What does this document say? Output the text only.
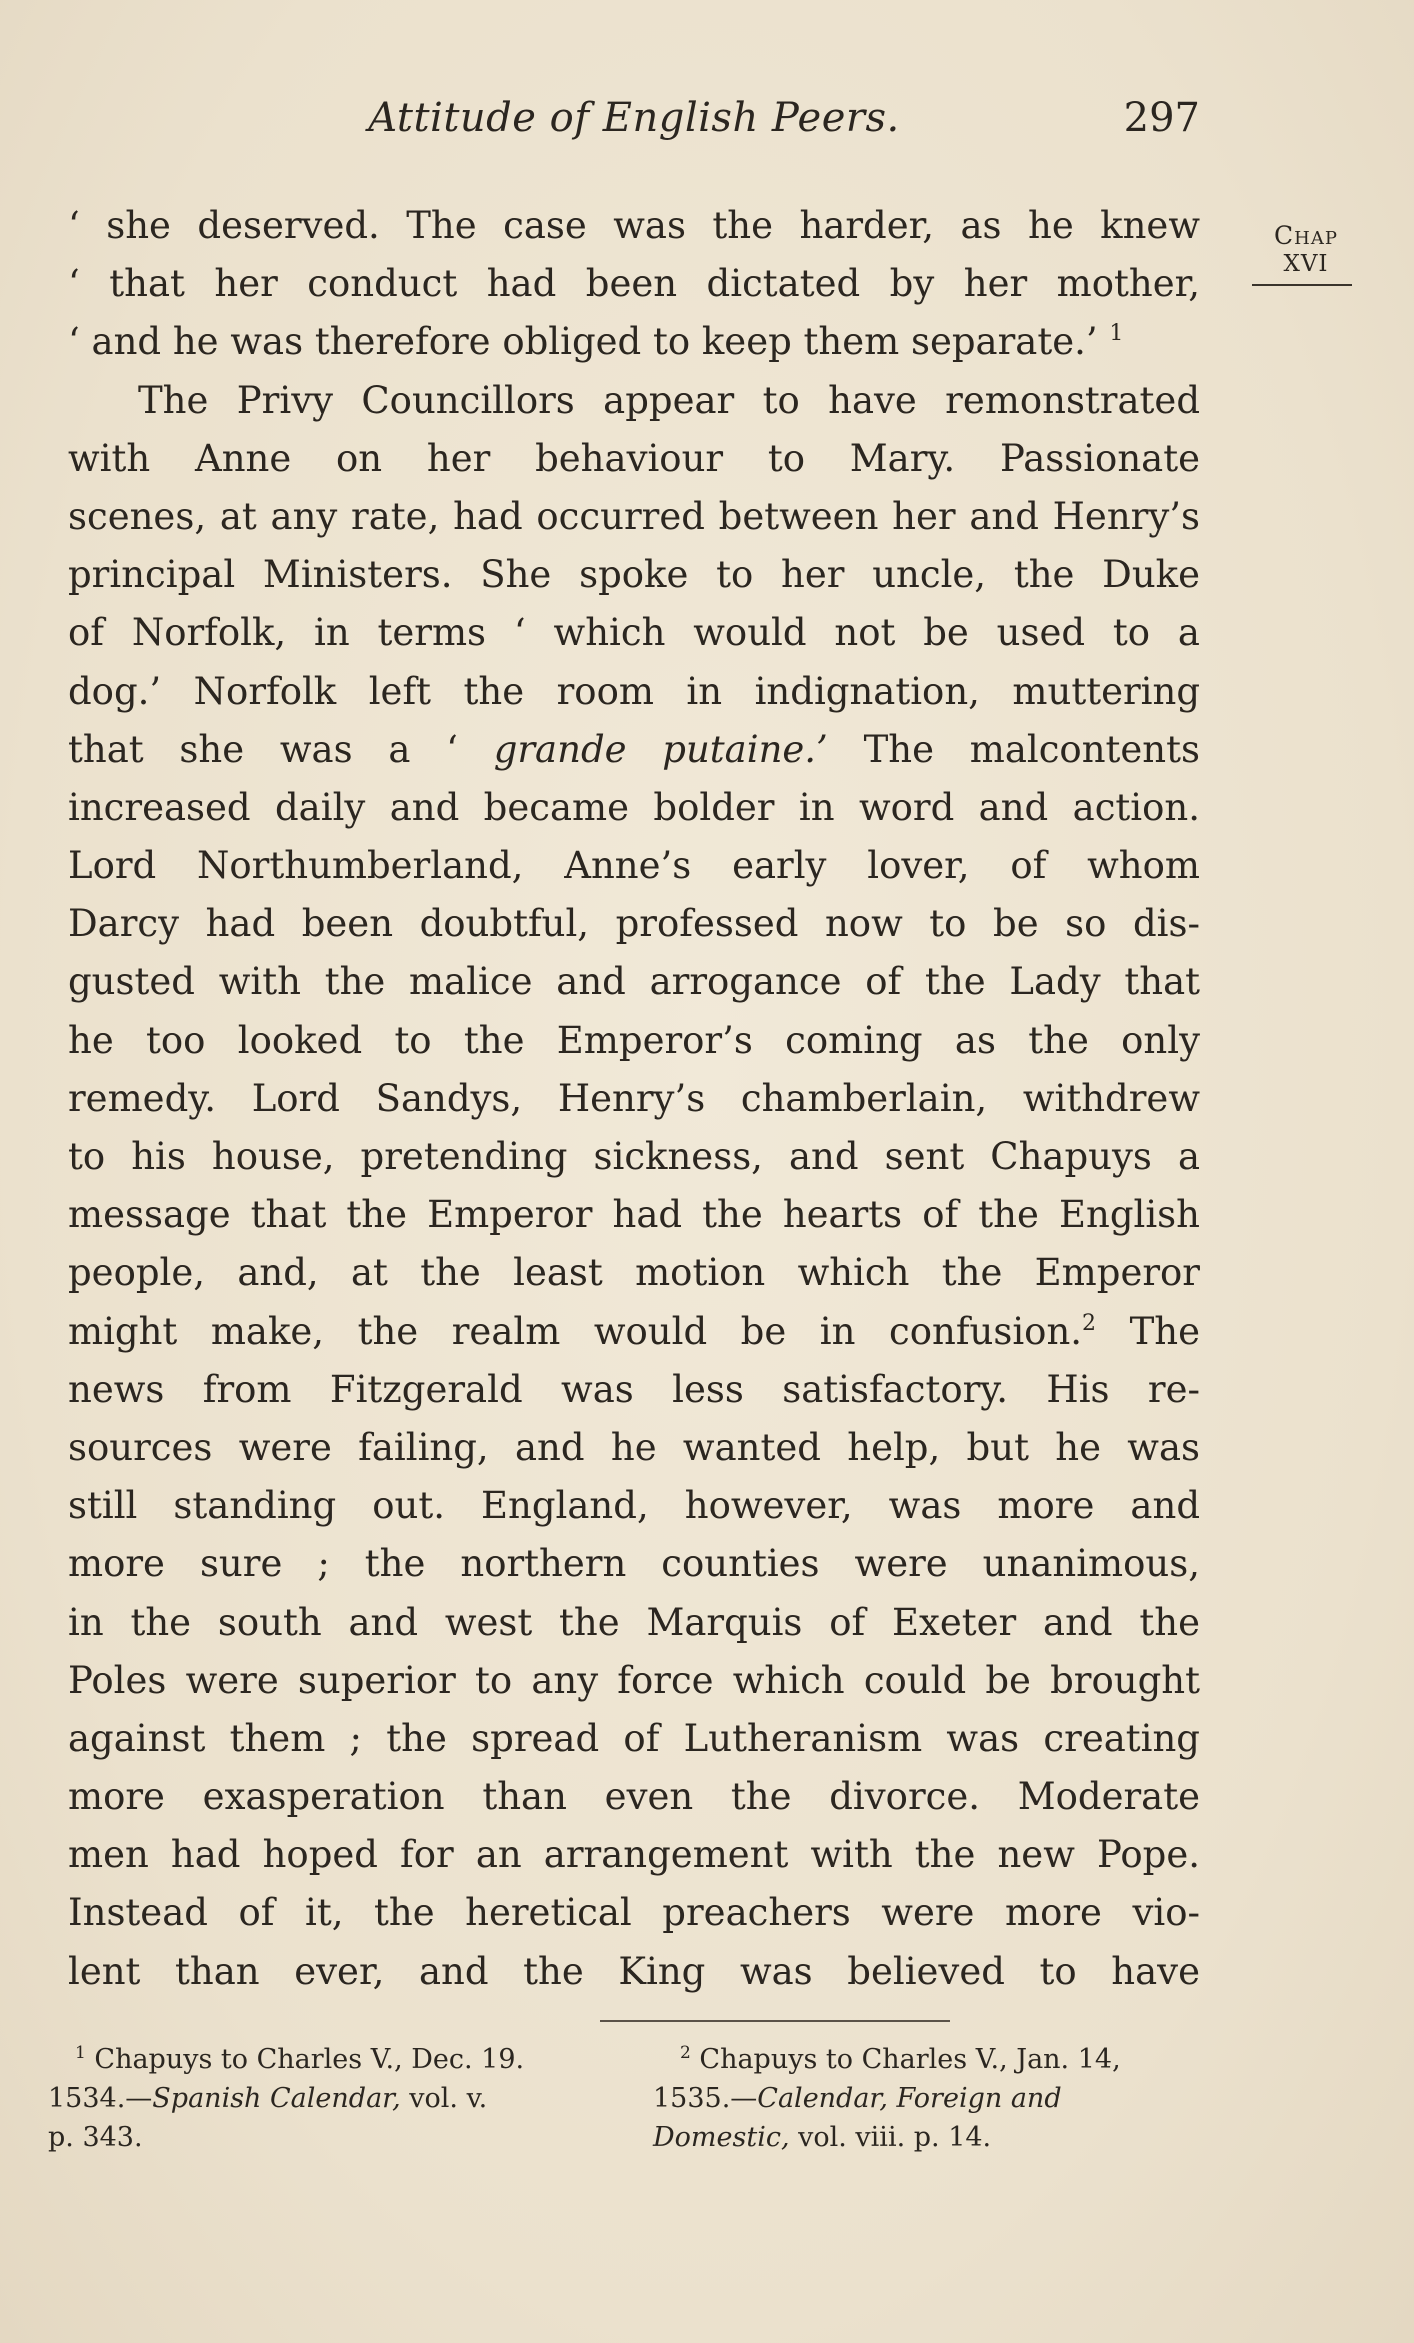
Attitude of English Peers.	297
Chap
XVI
‘ she deserved. The case was the harder, as he knew
‘ that her conduct had been dictated by her mother,
‘ and he was therefore obliged to keep them separate.’ $^1$
The Privy Councillors appear to have remonstrated
with Anne on her behaviour to Mary. Passionate
scenes, at any rate, had occurred between her and Henry’s
principal Ministers. She spoke to her uncle, the Duke
of Norfolk, in terms ‘ which would not be used to a
dog.’ Norfolk left the room in indignation, muttering
that she was a ‘ grande putaine.’ The malcontents
increased daily and became bolder in word and action.
Lord Northumberland, Anne’s early lover, of whom
Darcy had been doubtful, professed now to be so dis-
gusted with the malice and arrogance of the Lady that
he too looked to the Emperor’s coming as the only
remedy. Lord Sandys, Henry’s chamberlain, withdrew
to his house, pretending sickness, and sent Chapuys a
message that the Emperor had the hearts of the English
people, and, at the least motion which the Emperor
might make, the realm would be in confusion.$^2$ The
news from Fitzgerald was less satisfactory. His re-
sources were failing, and he wanted help, but he was
still standing out. England, however, was more and
more sure ; the northern counties were unanimous,
in the south and west the Marquis of Exeter and the
Poles were superior to any force which could be brought
against them ; the spread of Lutheranism was creating
more exasperation than even the divorce. Moderate
men had hoped for an arrangement with the new Pope.
Instead of it, the heretical preachers were more vio-
lent than ever, and the King was believed to have
 $^1$ Chapuys to Charles V., Dec. 19.
1534.—Spanish Calendar, vol. v.
p. 343.
 $^2$ Chapuys to Charles V., Jan. 14,
1535.—Calendar, Foreign and
Domestic, vol. viii. p. 14.
